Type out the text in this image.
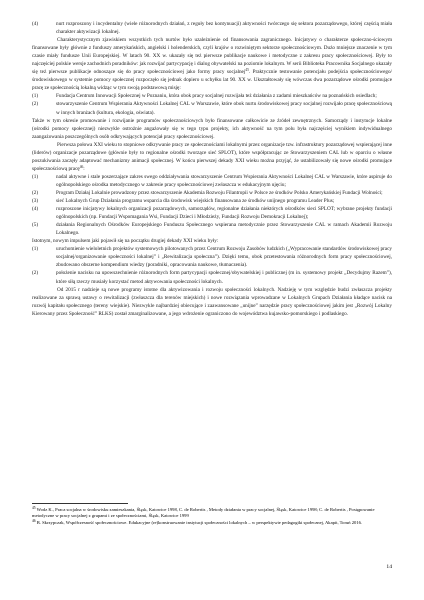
(4)	nurt rozproszony i incydentalny (wiele różnorodnych działań, z reguły bez kontynuacji) aktywności twórczego się sektora pozarządowego, której częścią miała charakter aktywizacji lokalnej.

Charakterystycznym zjawiskiem wszystkich tych nurtów było uzależnienie od finansowania zagranicznego. Inicjatywy o charakterze społeczno-ściowym finansowane były głównie z funduszy amerykańskich, angielski i holenderskich, czyli krajów o rozwiniętym sektorze społecznościowym. Dużo mniejsze znaczenie w tym czasie miały fundusze Unii Europejskiej. W latach 90. XX w. ukazały się też pierwsze publikacje naukowe i metodyczne z zakresu pracy społecznościowej. Były to najczęściej polskie wersje zachodnich poradników: jak rozwijać partycypację i dialog obywatelski na poziomie lokalnym. W serii Biblioteka Pracownika Socjalnego ukazały się też pierwsze publikacje odnoszące się do pracy społecznościowej jako formy pracy socjalnej$^{45}$. Praktycznie testowanie potencjału podejścia społecznościowego/środowiskowego w systemie pomocy społecznej rozpoczęło się jednak dopiero u schyłku lat 90. XX w. Ukształtowały się wówczas dwa pozarządowe ośrodki promujące pracę ze społecznością lokalną widząc w tym swoją podstawową misję:

(1)	Fundacja Centrum Innowacji Społecznej w Poznaniu, która obok pracy socjalnej rozwijała też działania z zadami mieszkańców na poznańskich osiedlach;
(2)	stowarzyszenie Centrum Wspierania Aktywności Lokalnej CAL w Warszawie, które obok nurtu środowiskowej pracy socjalnej rozwijało pracę społecznościową w innych branżach (kultura, ekologia, oświata).

Także w tym okresie promowanie i rozwijanie programów społecznościowych było finansowane całkowicie ze źródeł zewnętrznych. Samorządy i instytucje lokalne (ośrodki pomocy społecznej) niezwykle ostrożnie angażowały się w tego typu projekty, ich aktywność na tym polu była najczęściej wynikiem indywidualnego zaangażowania poszczególnych osób odkrywających potencjał pracy społecznościowej.

Pierwsza połowa XXI wieku to stopniowe odkrywanie pracy ze społecznościami lokalnymi przez organizacje tzw. infrastruktury pozarządowej wspierającej inne (liderów) organizacje pozarządowe (głównie były to regionalne ośrodki tworzące sieć SPLOT), które współpracując ze Stowarzyszeniem CAL lub w oparciu o własne poszukiwania zaczęły adaptować mechanizmy animacji społecznej. W końcu pierwszej dekady XXI wieku można przyjąć, że ustabilizowały się nowe ośrodki promujące społecznościową pracę$^{46}$:

(1)	nadal aktywne i stale poszerzające zakres swego oddziaływania stowarzyszenie Centrum Wspierania Aktywności Lokalnej CAL w Warszawie, które aspiruje do ogólnopolskiego ośrodka metodycznego w zakresie pracy społecznościowej zwłaszcza w edukacyjnym ujęciu;
(2)	Program Działaj Lokalnie prowadzony przez stowarzyszenie Akademia Rozwoju Filantropii w Polsce ze środków Polsko Amerykańskiej Fundacji Wolności;
(3)	sieć Lokalnych Grup Działania programu wsparcia dla środowisk wiejskich finansowana ze środków unijnego programu Leader Plus;
(4)	rozproszone inicjatywy lokalnych organizacji pozarządowych, samorządów, regionalne działania niektórych ośrodków sieci SPLOT; wybrane projekty fundacji ogólnopolskich (np. Fundacji Wspomagania Wsi, Fundacji Dzieci i Młodzieży, Fundacji Rozwoju Demokracji Lokalnej);
(5)	działania Regionalnych Ośrodków Europejskiego Funduszu Społecznego wspierana metodycznie przez Stowarzyszenie CAL w ramach Akademii Rozwoju Lokalnego.

Istotnym, nowym impulsem jaki pojawił się na początku drugiej dekady XXI wieku były:

(1)	uruchomienie wieloletnich projektów systemowych pilotowanych przez Centrum Rozwoju Zasobów ludzkich („Wypracowanie standardów środowiskowej pracy socjalnej/organizowanie społeczności lokalnej” i „Rewitalizacja społeczna”). Dzięki temu, obok przetestowania różnorodnych form pracy społecznościowej, zbudowano obszerne kompendium wiedzy (poradniki, opracowania naukowe, tłumaczenia).
(2)	położenie nacisku na upowszechnienie różnorodnych form partycypacji społecznej/obywatelskiej i publicznej (m in. systemowy projekt „Decydujmy Razem”), które siłą rzeczy musiały korzystać metod aktywowania społeczności lokalnych.

Od 2015 r nadzieje są nowe programy istotne dla aktywizowania i rozwoju społeczności lokalnych. Nadzieję w tym względzie budzi zwłaszcza projekty realizowane za sprawą ustawy o rewitalizacji (zwłaszcza dla terenów miejskich) i nowe rozwiązania wprowadzane w Lokalnych Grupach Działania kładące nacisk na rozwój kapitału społecznego (tereny wiejskie). Niezwykle najbardziej obiecujące i zaawansowane „unijne” narzędzie pracy społecznościowej jakim jest „Rozwój Lokalny Kierowany przez Społeczność” RLKS) został zmarginalizowane, a jego wdrożenie ograniczono do województwa kujawsko-pomorskiego i podlaskiego.

$^{45}$ Wodz K., Praca socjalna w środowisku zamieszkania, Śląsk, Katowice 1998, C. de Robertis , Metody działania w pracy socjalnej, Śląsk, Katowice 1998; C. de Robertis , Postępowanie metodyczne w pracy socjalnej z grupami i ze społecznościami, Śląsk, Katowice 1999

$^{46}$ B. Skrzypczak, Współczesność społecznościowe. Edukacyjne (re)konstruowanie instytucji społeczności lokalnych – w perspektywie pedagogiki społecznej, Akapit, Toruń 2016.

14
